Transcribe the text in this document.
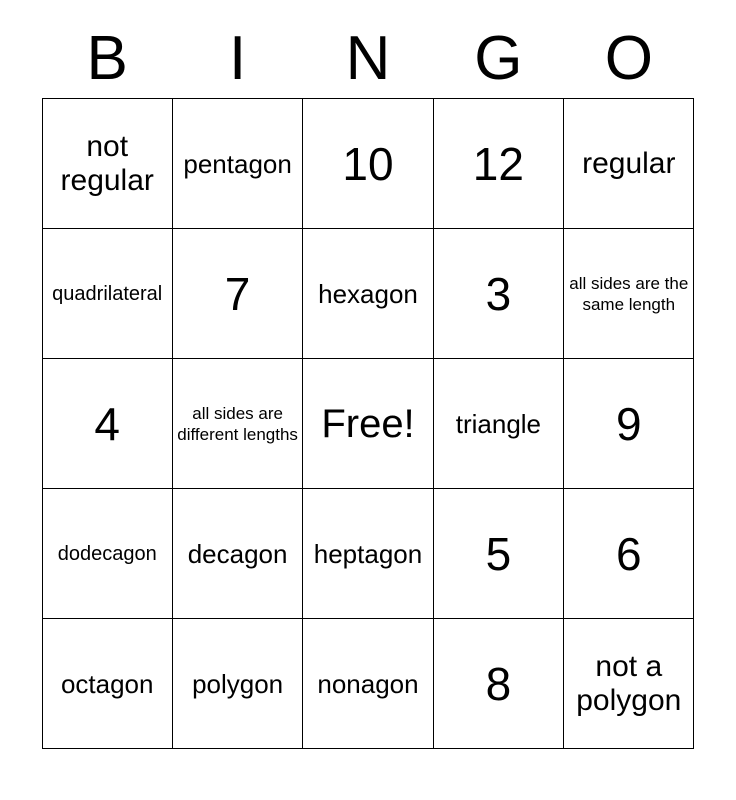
B	I	N	G	O
not regular	pentagon	10	12	regular
quadrilateral	7	hexagon	3	all sides are the same length
4	all sides are different lengths	Free!	triangle	9
dodecagon	decagon	heptagon	5	6
octagon	polygon	nonagon	8	not a polygon
